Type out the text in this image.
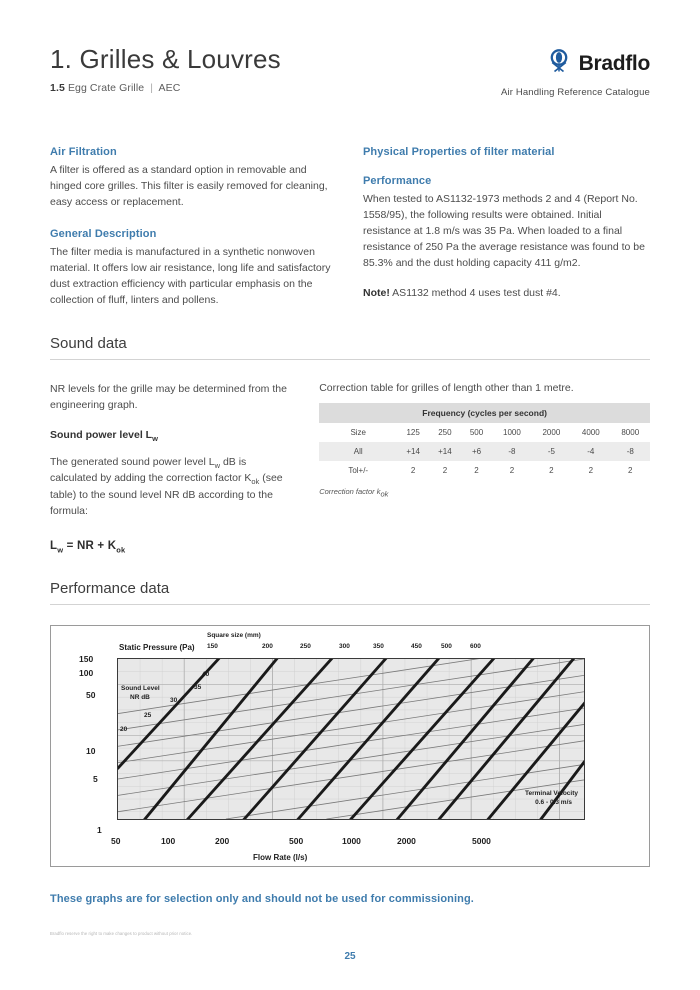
1. Grilles & Louvres
1.5 Egg Crate Grille | AEC
Bradflo
Air Handling Reference Catalogue
Air Filtration

A filter is offered as a standard option in removable and hinged core grilles. This filter is easily removed for cleaning, easy access or replacement.

General Description

The filter media is manufactured in a synthetic nonwoven material. It offers low air resistance, long life and satisfactory dust extraction efficiency with particular emphasis on the collection of fluff, linters and pollens.

Physical Properties of filter material
Performance

When tested to AS1132-1973 methods 2 and 4 (Report No. 1558/95), the following results were obtained. Initial resistance at 1.8 m/s was 35 Pa. When loaded to a final resistance of 250 Pa the average resistance was found to be 85.3% and the dust holding capacity 411 g/m2.

Note! AS1132 method 4 uses test dust #4.

Sound data

NR levels for the grille may be determined from the engineering graph.

Sound power level $L_w$

The generated sound power level $L_w$ dB is calculated by adding the correction factor $K_{ok}$ (see table) to the sound level NR dB according to the formula:

$L_w$ = NR + $K_{ok}$
Correction table for grilles of length other than 1 metre.
Frequency (cycles per second)							
Size	125	250	500	1000	2000	4000	8000
All	+14	+14	+6	-8	-5	-4	-8
Tol+/-	2	2	2	2	2	2	2
Correction factor $k_{ok}$
Performance data
Square size (mm)
Static Pressure (Pa)
150
100
50
10
5
1
150	200	250	300	350	450	500	600
50	100	200	500	1000	2000	5000
Flow Rate (l/s)
20
25
30
35
40
Sound Level
NR dB
Terminal Velocity
0.6 - 0.3 m/s
These graphs are for selection only and should not be used for commissioning.
Bradflo reserve the right to make changes to product without prior notice.
25
